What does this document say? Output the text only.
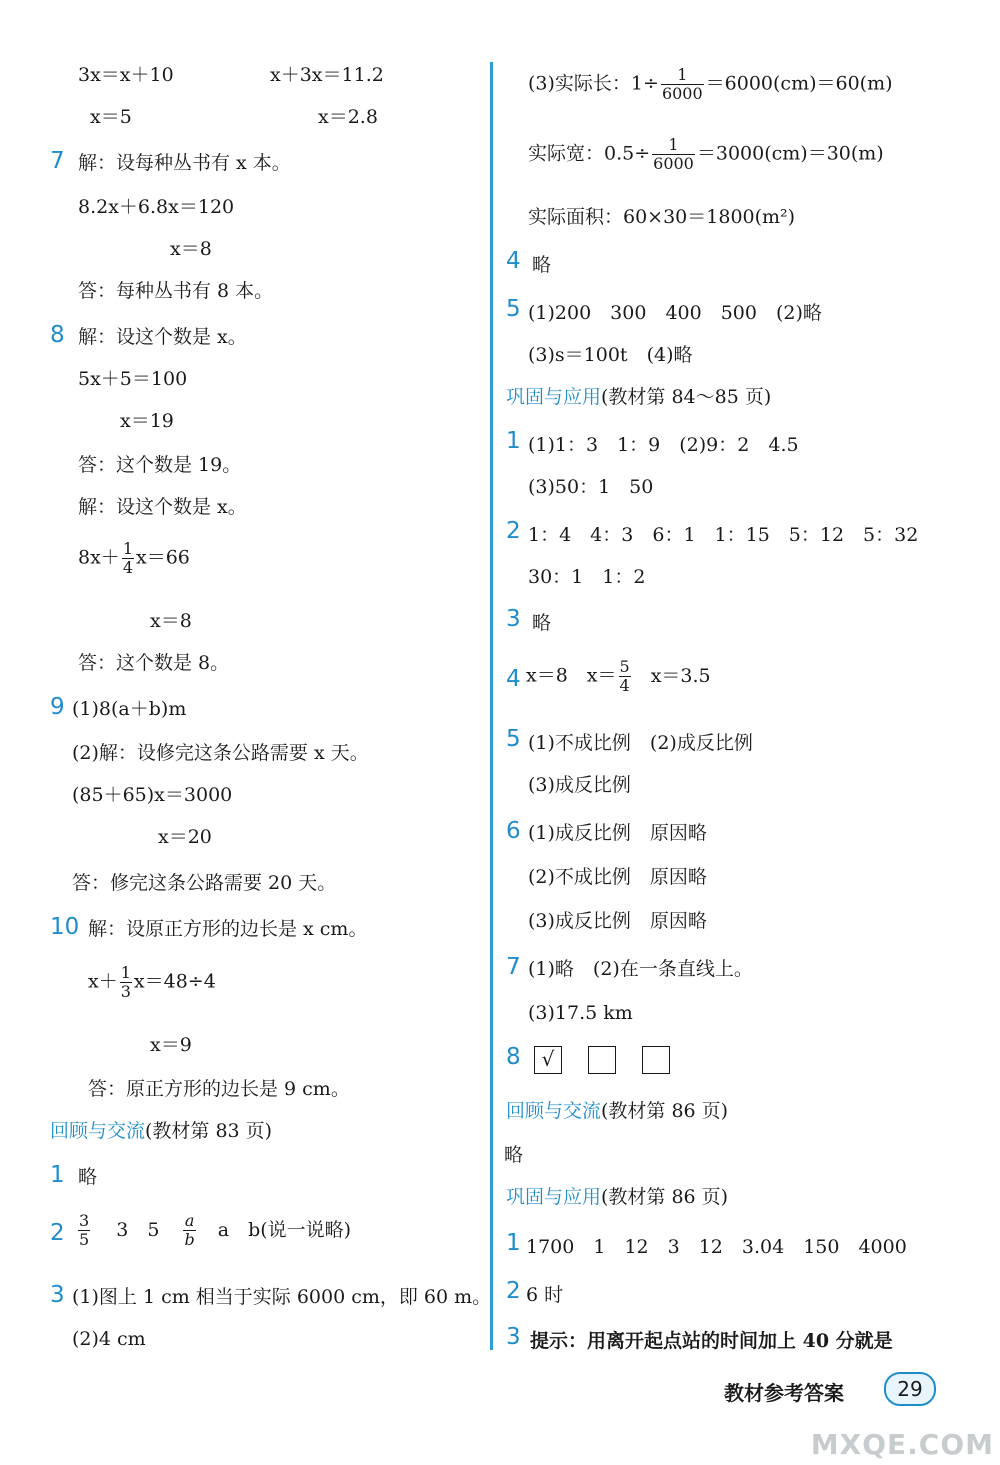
3x＝x＋10	x＋3x＝11.2
x＝5	x＝2.8
7 解：设每种丛书有 x 本。
8.2x＋6.8x＝120
x＝8
答：每种丛书有 8 本。
8 解：设这个数是 x。
5x＋5＝100
x＝19
答：这个数是 19。
解：设这个数是 x。
$8x+ \frac{1}{4} x=66$
x＝8
答：这个数是 8。
9 (1)8(a＋b)m
(2)解：设修完这条公路需要 x 天。
(85＋65)x＝3000
x＝20
答：修完这条公路需要 20 天。
10 解：设原正方形的边长是 x cm。
$x+ \frac{1}{3} x=48\div 4$
x＝9
答：原正方形的边长是 9 cm。
回顾与交流(教材第 83 页)
1 略
$2 \frac{3}{5} 3$　$5 \frac{a}{b}$ a　b(说一说略)
3 (1)图上 1 cm 相当于实际 6000 cm，即 60 m。
(2)4 cm
(3)实际长：$1\div \frac{1}{6000} =6000(cm)=60(m)$
实际宽：$0.5\div \frac{1}{6000} =3000(cm)=30(m)$
实际面积：60×30＝1800(m²)
4 略
5 (1)200　300　400　500　(2)略
(3)s＝100t　(4)略
巩固与应用(教材第 84～85 页)
1 (1)1：3　1：9　(2)9：2　4.5
(3)50：1　50
2 1：4　4：3　6：1　1：15　5：12　5：32
30：1　1：2
3 略
4 x＝8　$x= \frac{5}{4} x=3.5$
5 (1)不成比例　(2)成反比例
(3)成反比例
6 (1)成反比例　原因略
(2)不成比例　原因略
(3)成反比例　原因略
7 (1)略　(2)在一条直线上。
(3)17.5 km
8	√
回顾与交流(教材第 86 页)
略
巩固与应用(教材第 86 页)
1 1700　1　12　3　12　3.04　150　4000
2 6 时
3 提示：用离开起点站的时间加上 40 分就是
教材参考答案	29
MXQE.COM
